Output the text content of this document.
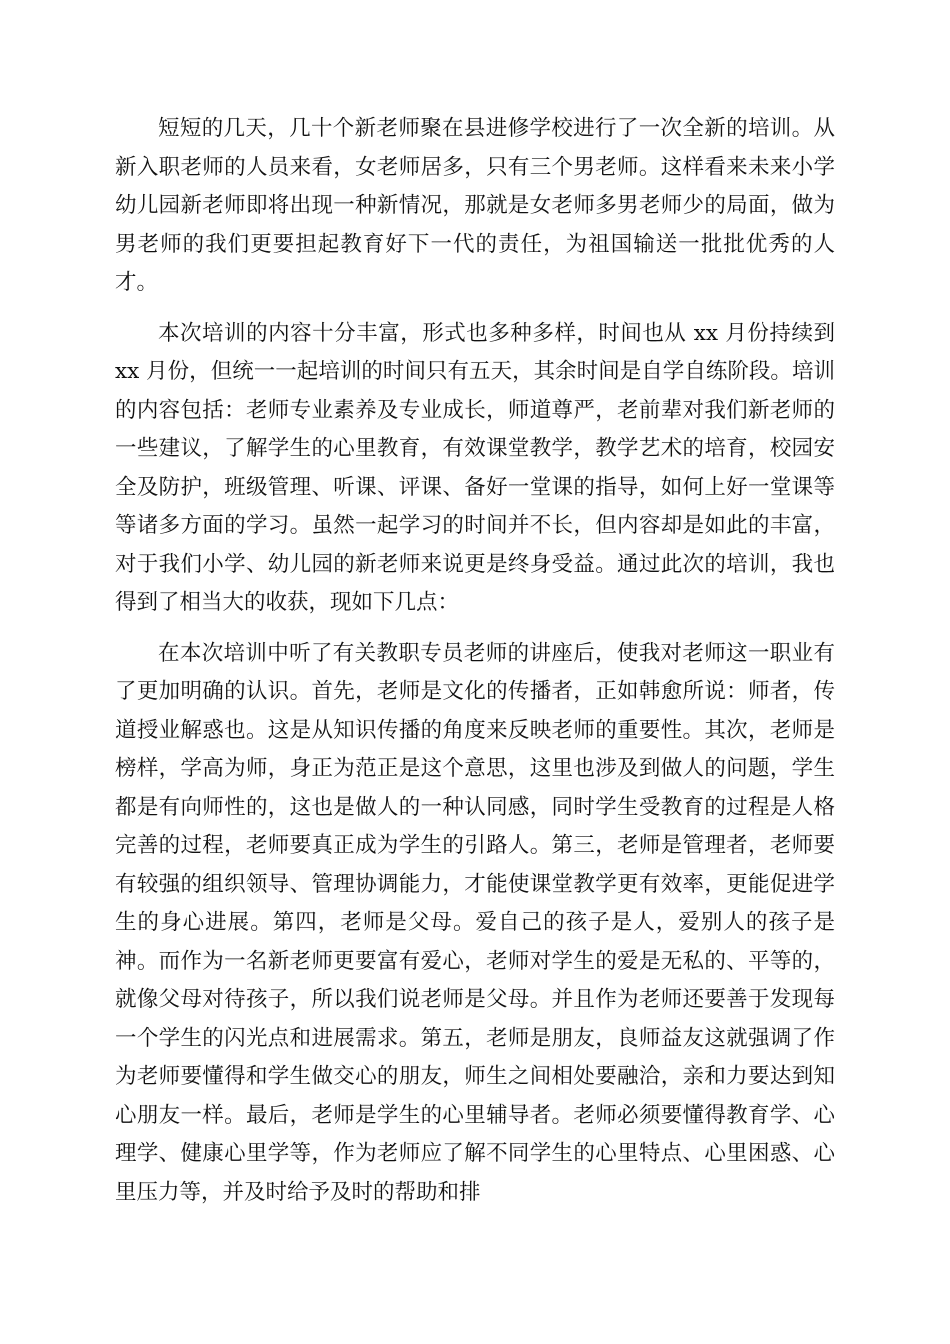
短短的几天，几十个新老师聚在县进修学校进行了一次全新的培训。从新入职老师的人员来看，女老师居多，只有三个男老师。这样看来未来小学幼儿园新老师即将出现一种新情况，那就是女老师多男老师少的局面，做为男老师的我们更要担起教育好下一代的责任，为祖国输送一批批优秀的人才。

本次培训的内容十分丰富，形式也多种多样，时间也从 xx 月份持续到 xx 月份，但统一一起培训的时间只有五天，其余时间是自学自练阶段。培训的内容包括：老师专业素养及专业成长，师道尊严，老前辈对我们新老师的一些建议，了解学生的心里教育，有效课堂教学，教学艺术的培育，校园安全及防护，班级管理、听课、评课、备好一堂课的指导，如何上好一堂课等等诸多方面的学习。虽然一起学习的时间并不长，但内容却是如此的丰富，对于我们小学、幼儿园的新老师来说更是终身受益。通过此次的培训，我也得到了相当大的收获，现如下几点：

在本次培训中听了有关教职专员老师的讲座后，使我对老师这一职业有了更加明确的认识。首先，老师是文化的传播者，正如韩愈所说：师者，传道授业解惑也。这是从知识传播的角度来反映老师的重要性。其次，老师是榜样，学高为师，身正为范正是这个意思，这里也涉及到做人的问题，学生都是有向师性的，这也是做人的一种认同感，同时学生受教育的过程是人格完善的过程，老师要真正成为学生的引路人。第三，老师是管理者，老师要有较强的组织领导、管理协调能力，才能使课堂教学更有效率，更能促进学生的身心进展。第四，老师是父母。爱自己的孩子是人，爱别人的孩子是神。而作为一名新老师更要富有爱心，老师对学生的爱是无私的、平等的，就像父母对待孩子，所以我们说老师是父母。并且作为老师还要善于发现每一个学生的闪光点和进展需求。第五，老师是朋友，良师益友这就强调了作为老师要懂得和学生做交心的朋友，师生之间相处要融洽，亲和力要达到知心朋友一样。最后，老师是学生的心里辅导者。老师必须要懂得教育学、心理学、健康心里学等，作为老师应了解不同学生的心里特点、心里困惑、心里压力等，并及时给予及时的帮助和排
